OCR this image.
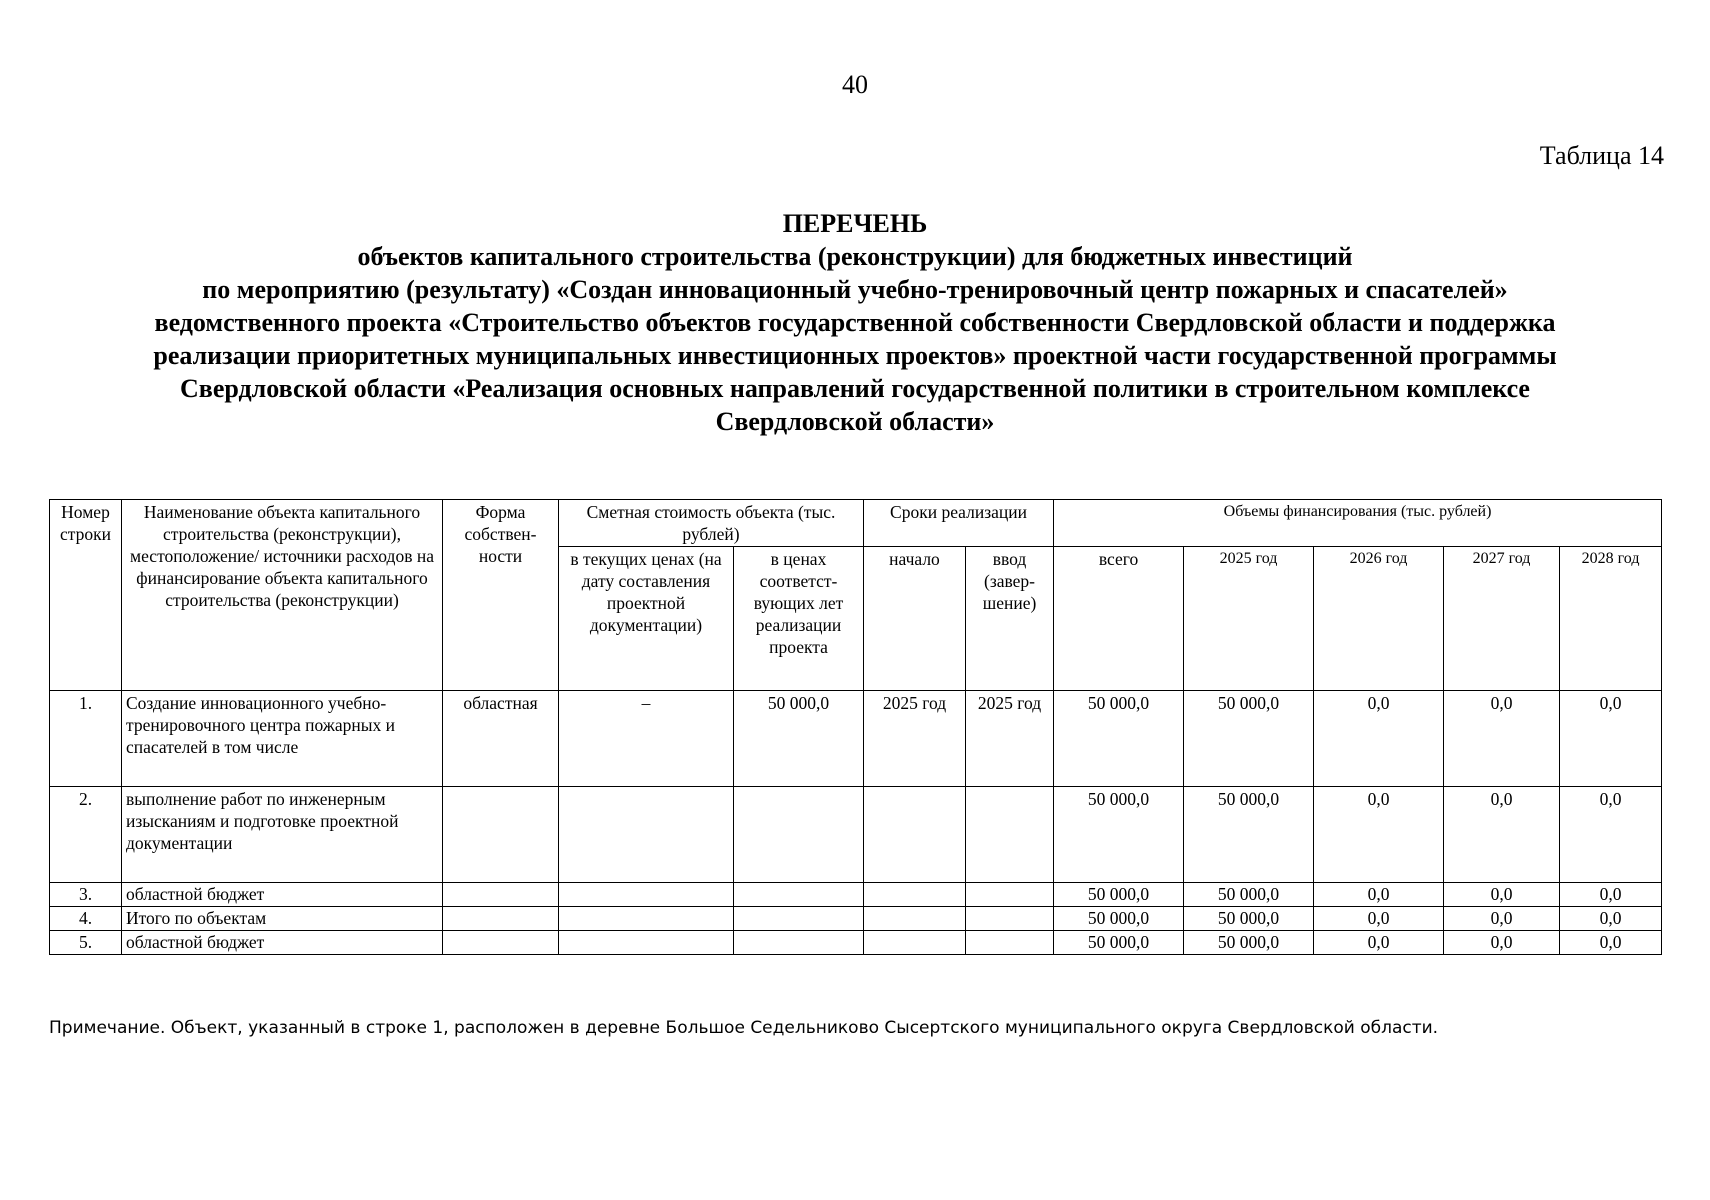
40
Таблица 14
ПЕРЕЧЕНЬ
объектов капитального строительства (реконструкции) для бюджетных инвестиций
по мероприятию (результату) «Создан инновационный учебно-тренировочный центр пожарных и спасателей»
ведомственного проекта «Строительство объектов государственной собственности Свердловской области и поддержка
реализации приоритетных муниципальных инвестиционных проектов» проектной части государственной программы
Свердловской области «Реализация основных направлений государственной политики в строительном комплексе
Свердловской области»
Номер строки	Наименование объекта капитального строительства (реконструкции), местоположение/ источники расходов на финансирование объекта капитального строительства (реконструкции)	Форма собствен-ности	Сметная стоимость объекта (тыс. рублей)		Сроки реализации		Объемы финансирования (тыс. рублей)				
			в текущих ценах (на дату составления проектной документации)	в ценах соответст-вующих лет реализации проекта	начало	ввод (завер-шение)	всего	2025 год	2026 год	2027 год	2028 год
1.	Создание инновационного учебно-тренировочного центра пожарных и спасателей в том числе	областная	–	50 000,0	2025 год	2025 год	50 000,0	50 000,0	0,0	0,0	0,0
2.	выполнение работ по инженерным изысканиям и подготовке проектной документации						50 000,0	50 000,0	0,0	0,0	0,0
3.	областной бюджет						50 000,0	50 000,0	0,0	0,0	0,0
4.	Итого по объектам						50 000,0	50 000,0	0,0	0,0	0,0
5.	областной бюджет						50 000,0	50 000,0	0,0	0,0	0,0
Примечание. Объект, указанный в строке 1, расположен в деревне Большое Седельниково Сысертского муниципального округа Свердловской области.
